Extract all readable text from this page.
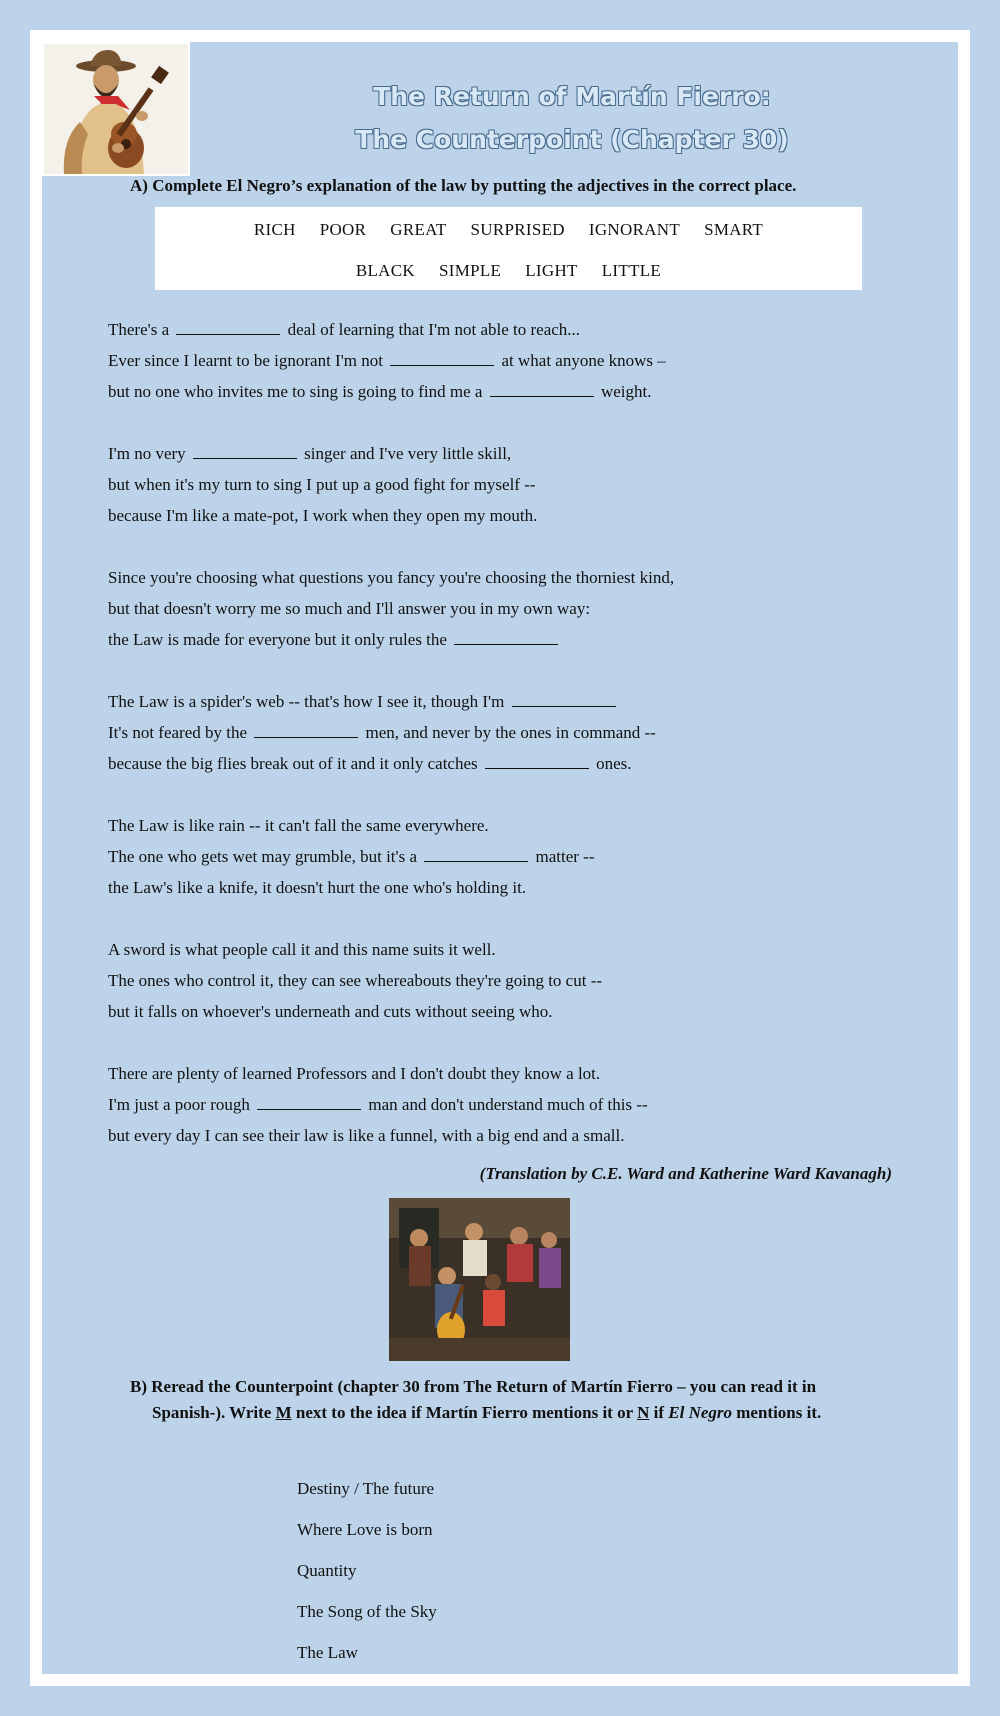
The Return of Martín Fierro:
The Counterpoint (Chapter 30)
A) Complete El Negro’s explanation of the law by putting the adjectives in the correct place.
RICH POOR GREAT SURPRISED IGNORANT SMART
BLACK SIMPLE LIGHT LITTLE
There's a	deal of learning that I'm not able to reach...
Ever since I learnt to be ignorant I'm not	at what anyone knows –
but no one who invites me to sing is going to find me a	weight.
I'm no very	singer and I've very little skill,
but when it's my turn to sing I put up a good fight for myself --
because I'm like a mate-pot, I work when they open my mouth.
Since you're choosing what questions you fancy you're choosing the thorniest kind,
but that doesn't worry me so much and I'll answer you in my own way:
the Law is made for everyone but it only rules the
The Law is a spider's web -- that's how I see it, though I'm
It's not feared by the	men, and never by the ones in command --
because the big flies break out of it and it only catches	ones.
The Law is like rain -- it can't fall the same everywhere.
The one who gets wet may grumble, but it's a	matter --
the Law's like a knife, it doesn't hurt the one who's holding it.
A sword is what people call it and this name suits it well.
The ones who control it, they can see whereabouts they're going to cut --
but it falls on whoever's underneath and cuts without seeing who.
There are plenty of learned Professors and I don't doubt they know a lot.
I'm just a poor rough	man and don't understand much of this --
but every day I can see their law is like a funnel, with a big end and a small.
(Translation by C.E. Ward and Katherine Ward Kavanagh)
B) Reread the Counterpoint (chapter 30 from The Return of Martín Fierro – you can read it in
Spanish-). Write M next to the idea if Martín Fierro mentions it or N if El Negro mentions it.
Destiny / The future
Where Love is born
Quantity
The Song of the Sky
The Law
